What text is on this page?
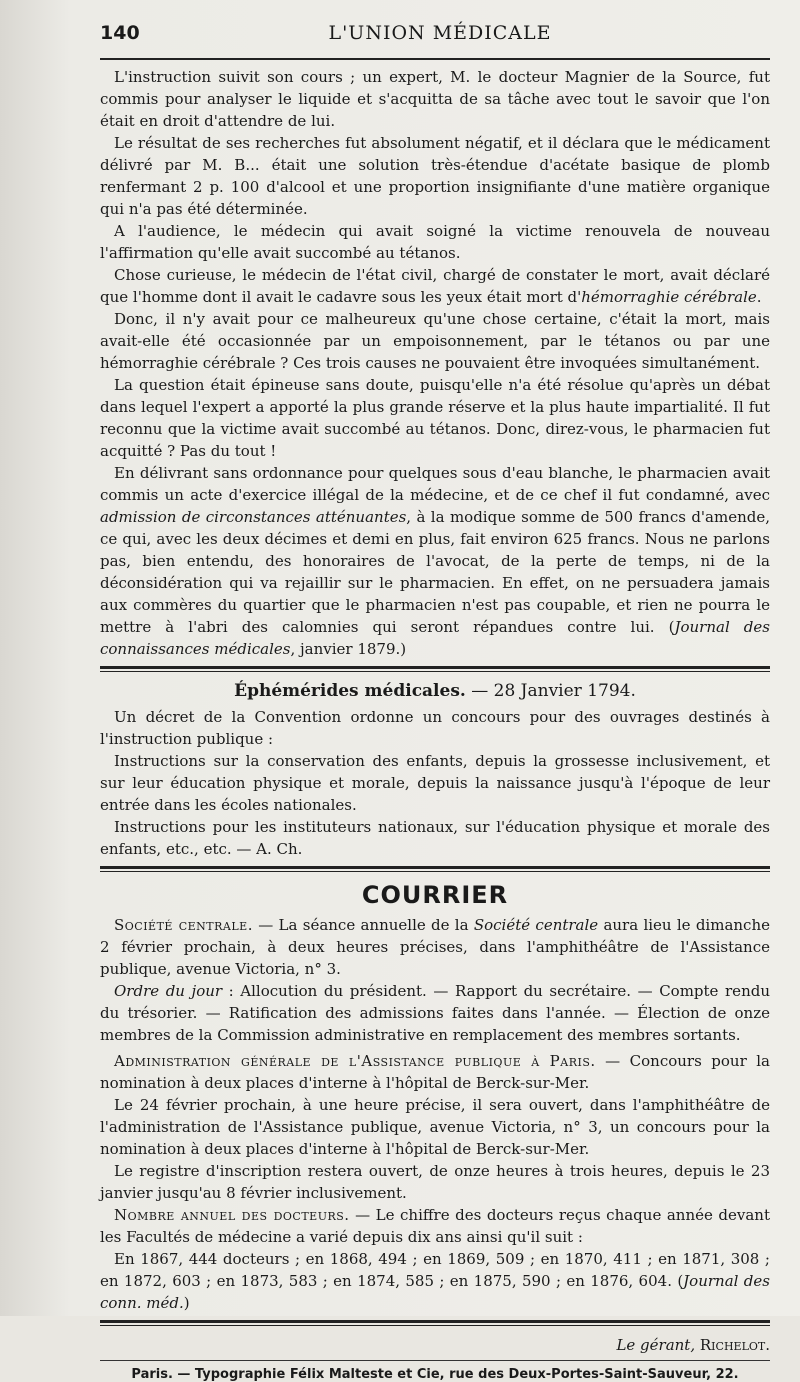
140	L'UNION MÉDICALE

L'instruction suivit son cours ; un expert, M. le docteur Magnier de la Source, fut commis pour analyser le liquide et s'acquitta de sa tâche avec tout le savoir que l'on était en droit d'attendre de lui.

Le résultat de ses recherches fut absolument négatif, et il déclara que le médicament délivré par M. B... était une solution très-étendue d'acétate basique de plomb renfermant 2 p. 100 d'alcool et une proportion insignifiante d'une matière organique qui n'a pas été déterminée.

A l'audience, le médecin qui avait soigné la victime renouvela de nouveau l'affirmation qu'elle avait succombé au tétanos.

Chose curieuse, le médecin de l'état civil, chargé de constater le mort, avait déclaré que l'homme dont il avait le cadavre sous les yeux était mort d'hémorraghie cérébrale.

Donc, il n'y avait pour ce malheureux qu'une chose certaine, c'était la mort, mais avait-elle été occasionnée par un empoisonnement, par le tétanos ou par une hémorraghie cérébrale ? Ces trois causes ne pouvaient être invoquées simultanément.

La question était épineuse sans doute, puisqu'elle n'a été résolue qu'après un débat dans lequel l'expert a apporté la plus grande réserve et la plus haute impartialité. Il fut reconnu que la victime avait succombé au tétanos. Donc, direz-vous, le pharmacien fut acquitté ? Pas du tout !

En délivrant sans ordonnance pour quelques sous d'eau blanche, le pharmacien avait commis un acte d'exercice illégal de la médecine, et de ce chef il fut condamné, avec admission de circonstances atténuantes, à la modique somme de 500 francs d'amende, ce qui, avec les deux décimes et demi en plus, fait environ 625 francs. Nous ne parlons pas, bien entendu, des honoraires de l'avocat, de la perte de temps, ni de la déconsidération qui va rejaillir sur le pharmacien. En effet, on ne persuadera jamais aux commères du quartier que le pharmacien n'est pas coupable, et rien ne pourra le mettre à l'abri des calomnies qui seront répandues contre lui. (Journal des connaissances médicales, janvier 1879.)

Éphémérides médicales. — 28 Janvier 1794.

Un décret de la Convention ordonne un concours pour des ouvrages destinés à l'instruction publique :

Instructions sur la conservation des enfants, depuis la grossesse inclusivement, et sur leur éducation physique et morale, depuis la naissance jusqu'à l'époque de leur entrée dans les écoles nationales.

Instructions pour les instituteurs nationaux, sur l'éducation physique et morale des enfants, etc., etc. — A. Ch.

COURRIER

Société centrale. — La séance annuelle de la Société centrale aura lieu le dimanche 2 février prochain, à deux heures précises, dans l'amphithéâtre de l'Assistance publique, avenue Victoria, n° 3.

Ordre du jour : Allocution du président. — Rapport du secrétaire. — Compte rendu du trésorier. — Ratification des admissions faites dans l'année. — Élection de onze membres de la Commission administrative en remplacement des membres sortants.

Administration générale de l'Assistance publique à Paris. — Concours pour la nomination à deux places d'interne à l'hôpital de Berck-sur-Mer.

Le 24 février prochain, à une heure précise, il sera ouvert, dans l'amphithéâtre de l'administration de l'Assistance publique, avenue Victoria, n° 3, un concours pour la nomination à deux places d'interne à l'hôpital de Berck-sur-Mer.

Le registre d'inscription restera ouvert, de onze heures à trois heures, depuis le 23 janvier jusqu'au 8 février inclusivement.

Nombre annuel des docteurs. — Le chiffre des docteurs reçus chaque année devant les Facultés de médecine a varié depuis dix ans ainsi qu'il suit :

En 1867, 444 docteurs ; en 1868, 494 ; en 1869, 509 ; en 1870, 411 ; en 1871, 308 ; en 1872, 603 ; en 1873, 583 ; en 1874, 585 ; en 1875, 590 ; en 1876, 604. (Journal des conn. méd.)

Le gérant, Richelot.
Paris. — Typographie Félix Malteste et Cie, rue des Deux-Portes-Saint-Sauveur, 22.
